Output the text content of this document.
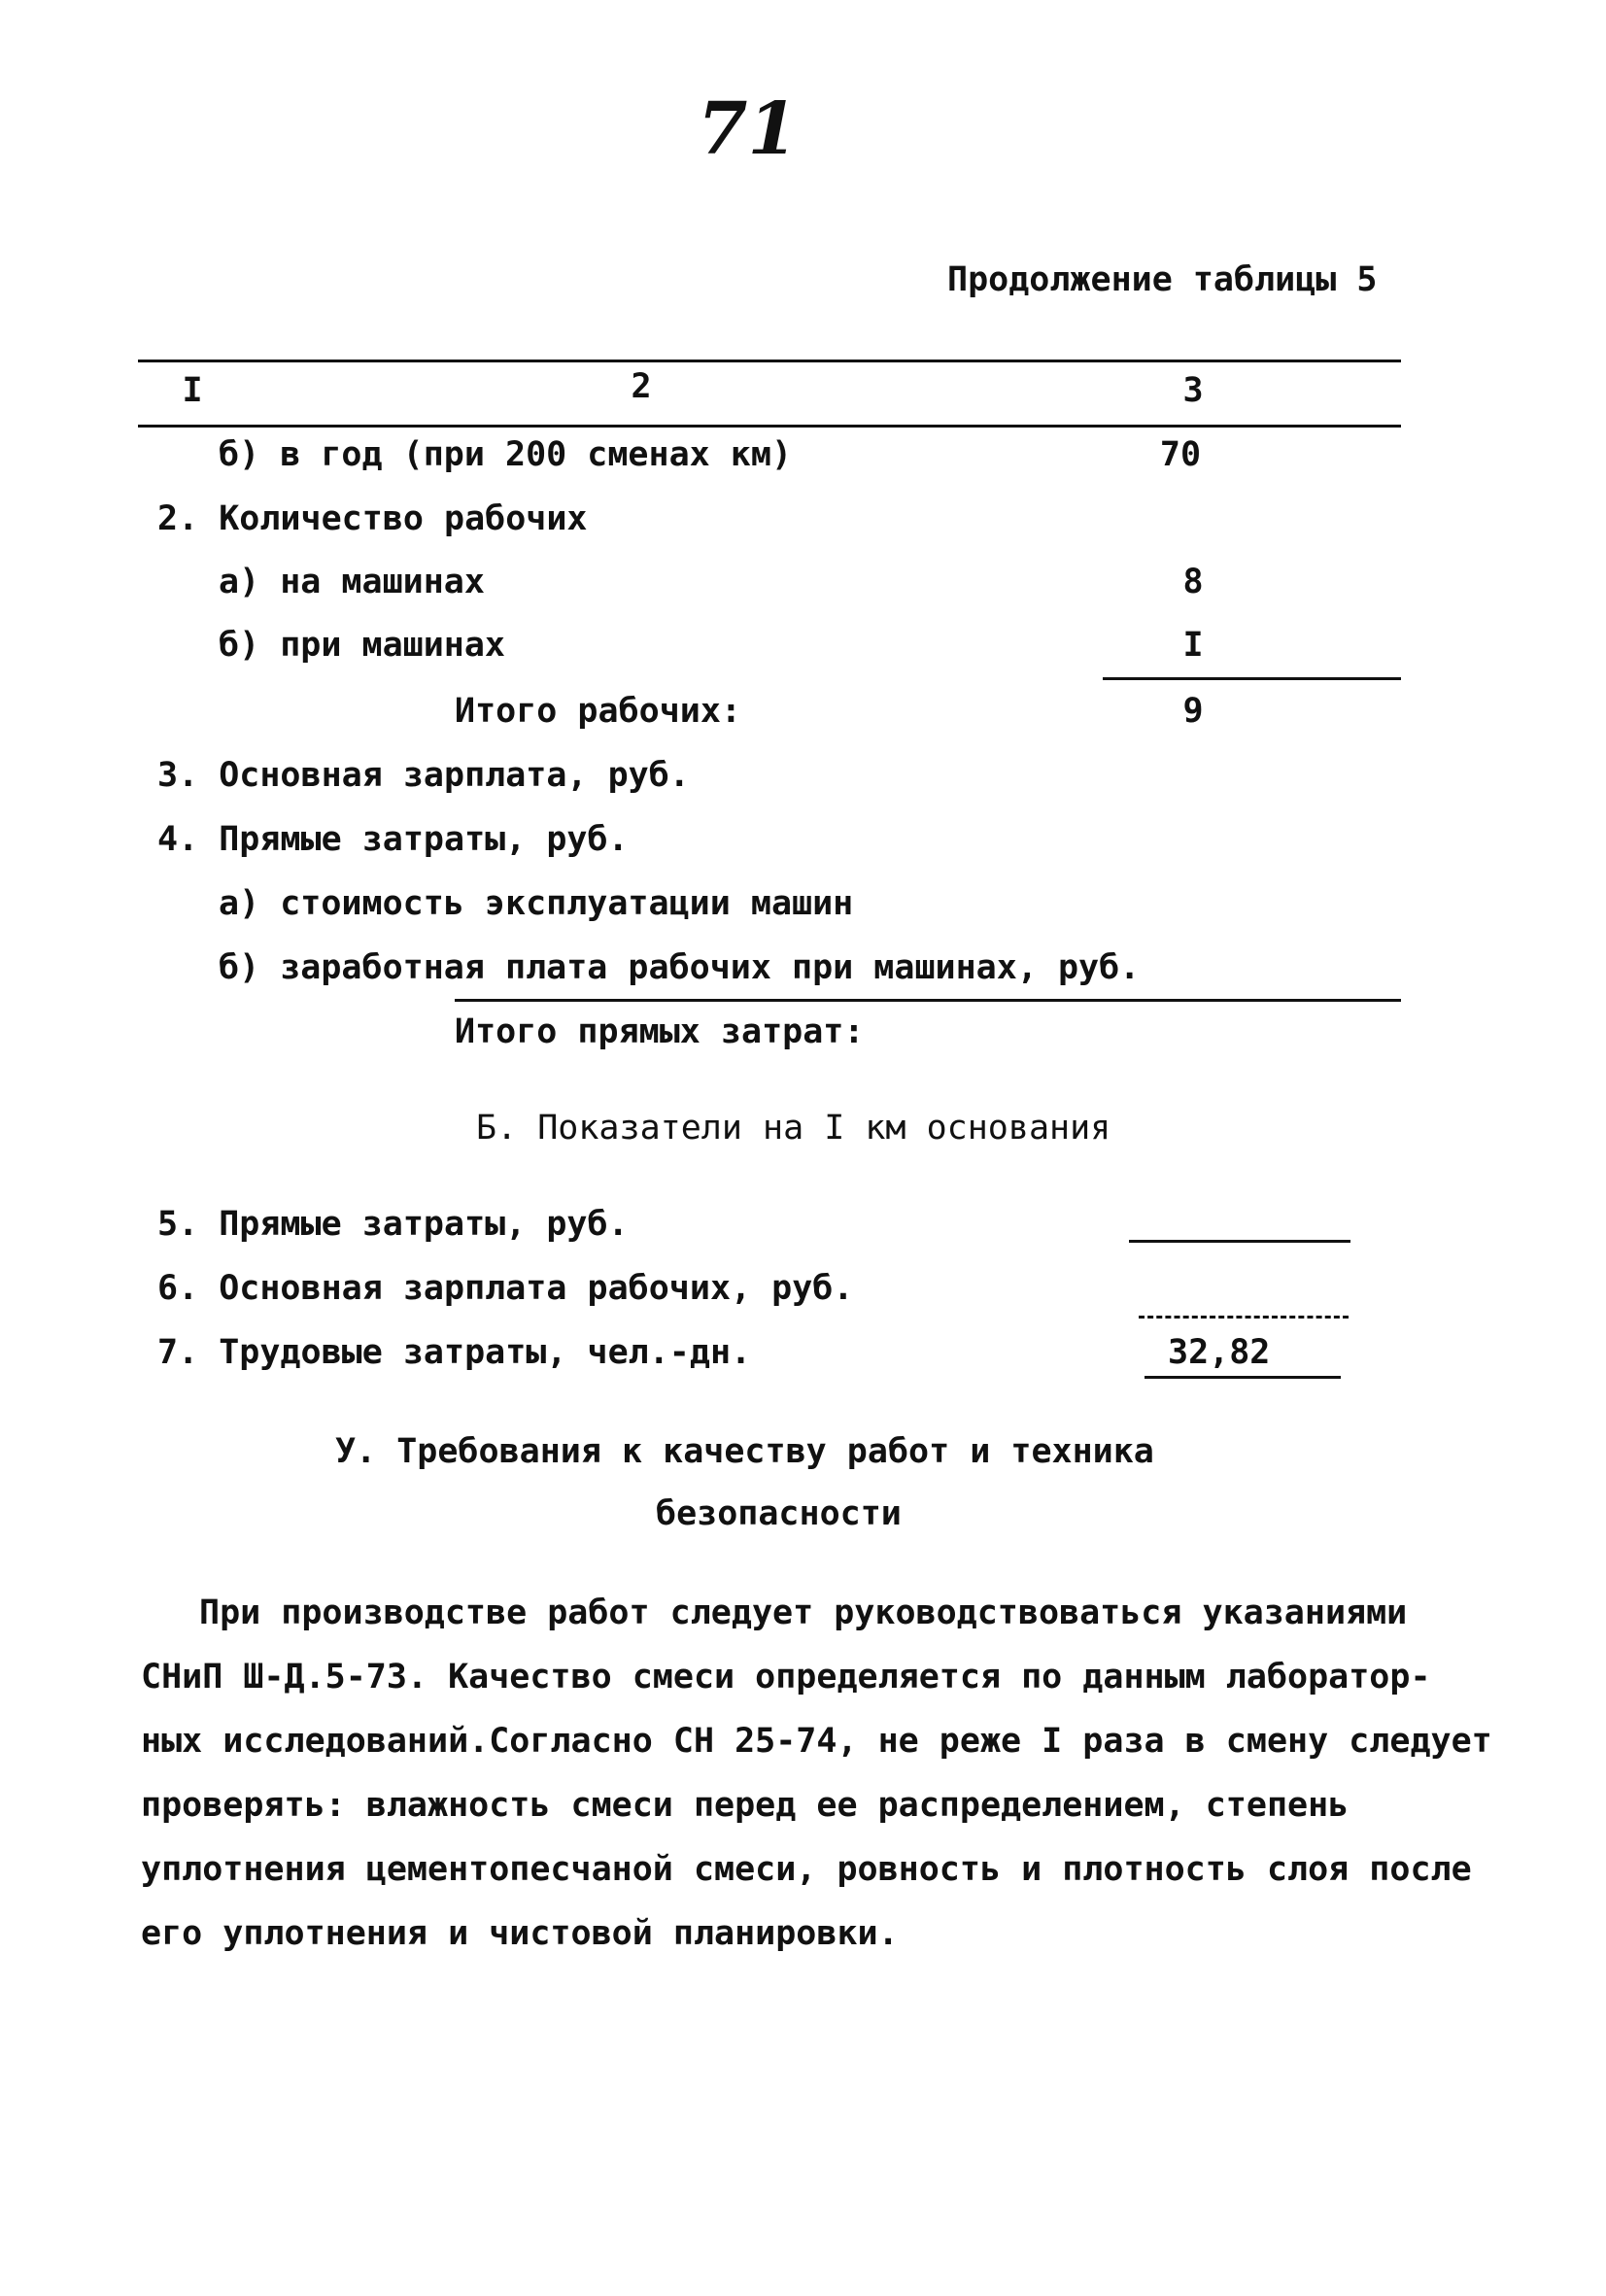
71
Продолжение таблицы 5
I	2	3
б) в год (при 200 сменах км)	70
2. Количество рабочих
а) на машинах	8
б) при машинах	I
Итого рабочих:	9
3. Основная зарплата, руб.
4. Прямые затраты, руб.
а) стоимость эксплуатации машин
б) заработная плата рабочих при машинах, руб.
Итого прямых затрат:
Б. Показатели на I км основания
5. Прямые затраты, руб.
6. Основная зарплата рабочих, руб.
7. Трудовые затраты, чел.-дн.	32,82
У. Требования к качеству работ и техника
безопасности
При производстве работ следует руководствоваться указаниями
СНиП Ш-Д.5-73. Качество смеси определяется по данным лаборатор-
ных исследований.Согласно СН 25-74, не реже I раза в смену следует
проверять: влажность смеси перед ее распределением, степень
уплотнения цементопесчаной смеси, ровность и плотность слоя после
его уплотнения и чистовой планировки.
